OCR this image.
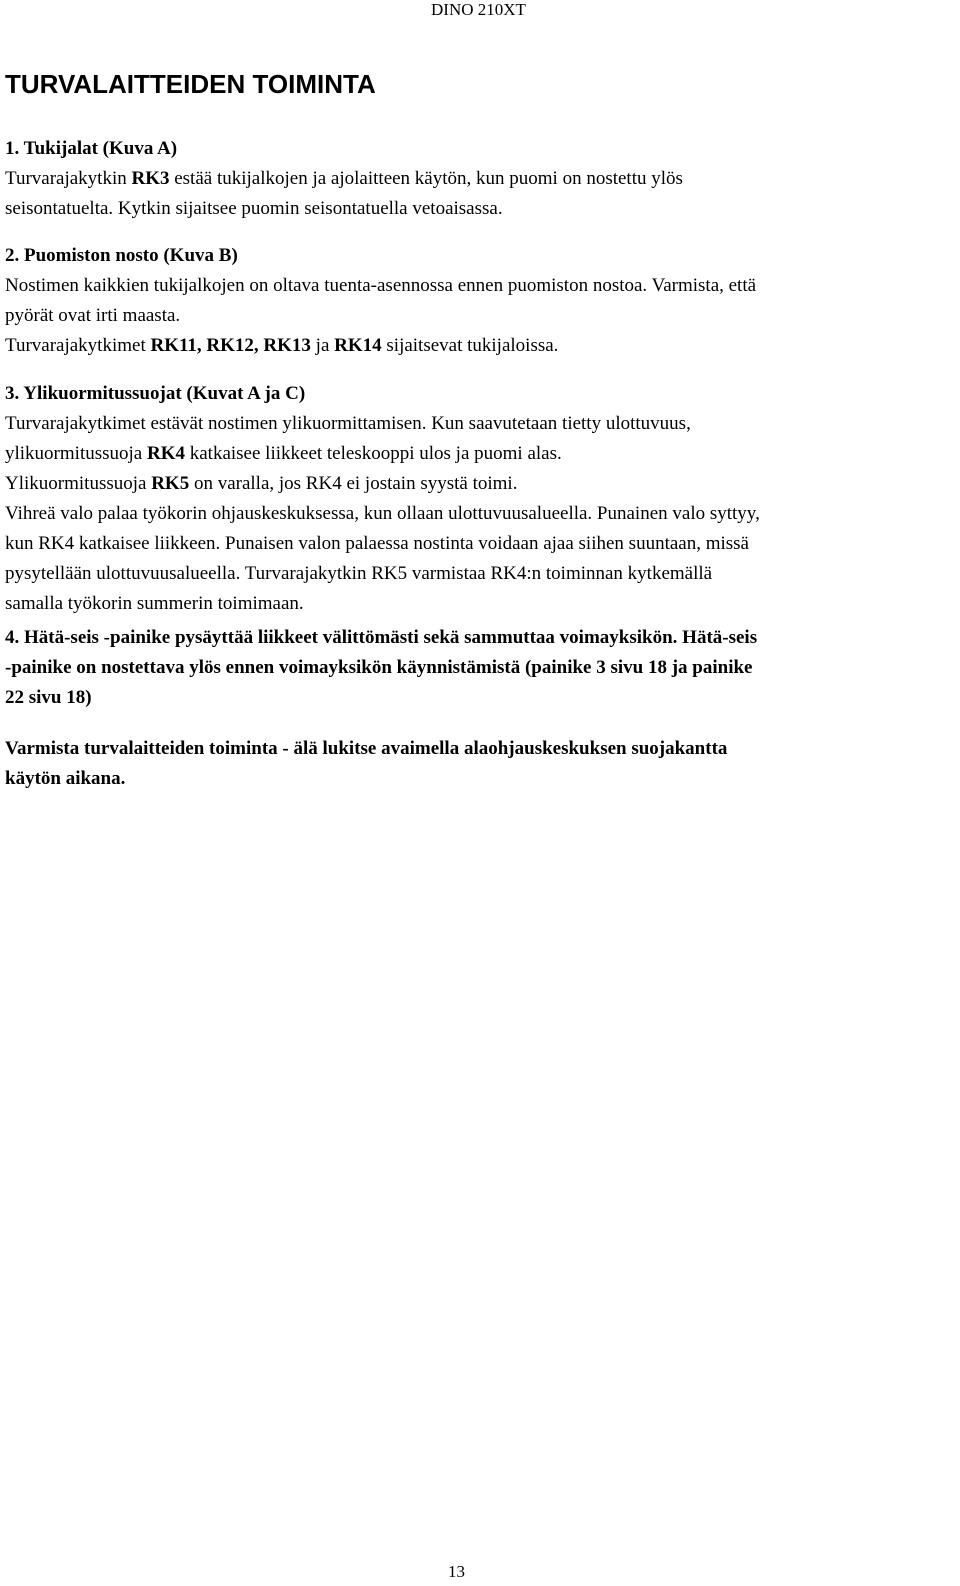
DINO 210XT
TURVALAITTEIDEN TOIMINTA

1. Tukijalat (Kuva A)

Turvarajakytkin RK3 estää tukijalkojen ja ajolaitteen käytön, kun puomi on nostettu ylös

seisontatuelta. Kytkin sijaitsee puomin seisontatuella vetoaisassa.

2. Puomiston nosto (Kuva B)

Nostimen kaikkien tukijalkojen on oltava tuenta-asennossa ennen puomiston nostoa. Varmista, että

pyörät ovat irti maasta.

Turvarajakytkimet RK11, RK12, RK13 ja RK14 sijaitsevat tukijaloissa.

3. Ylikuormitussuojat (Kuvat A ja C)

Turvarajakytkimet estävät nostimen ylikuormittamisen. Kun saavutetaan tietty ulottuvuus,

ylikuormitussuoja RK4 katkaisee liikkeet teleskooppi ulos ja puomi alas.

Ylikuormitussuoja RK5 on varalla, jos RK4 ei jostain syystä toimi.

Vihreä valo palaa työkorin ohjauskeskuksessa, kun ollaan ulottuvuusalueella. Punainen valo syttyy,

kun RK4 katkaisee liikkeen. Punaisen valon palaessa nostinta voidaan ajaa siihen suuntaan, missä

pysytellään ulottuvuusalueella. Turvarajakytkin RK5 varmistaa RK4:n toiminnan kytkemällä

samalla työkorin summerin toimimaan.

4. Hätä-seis -painike pysäyttää liikkeet välittömästi sekä sammuttaa voimayksikön. Hätä-seis

-painike on nostettava ylös ennen voimayksikön käynnistämistä (painike 3 sivu 18 ja painike

22 sivu 18)

Varmista turvalaitteiden toiminta - älä lukitse avaimella alaohjauskeskuksen suojakantta

käytön aikana.

13
